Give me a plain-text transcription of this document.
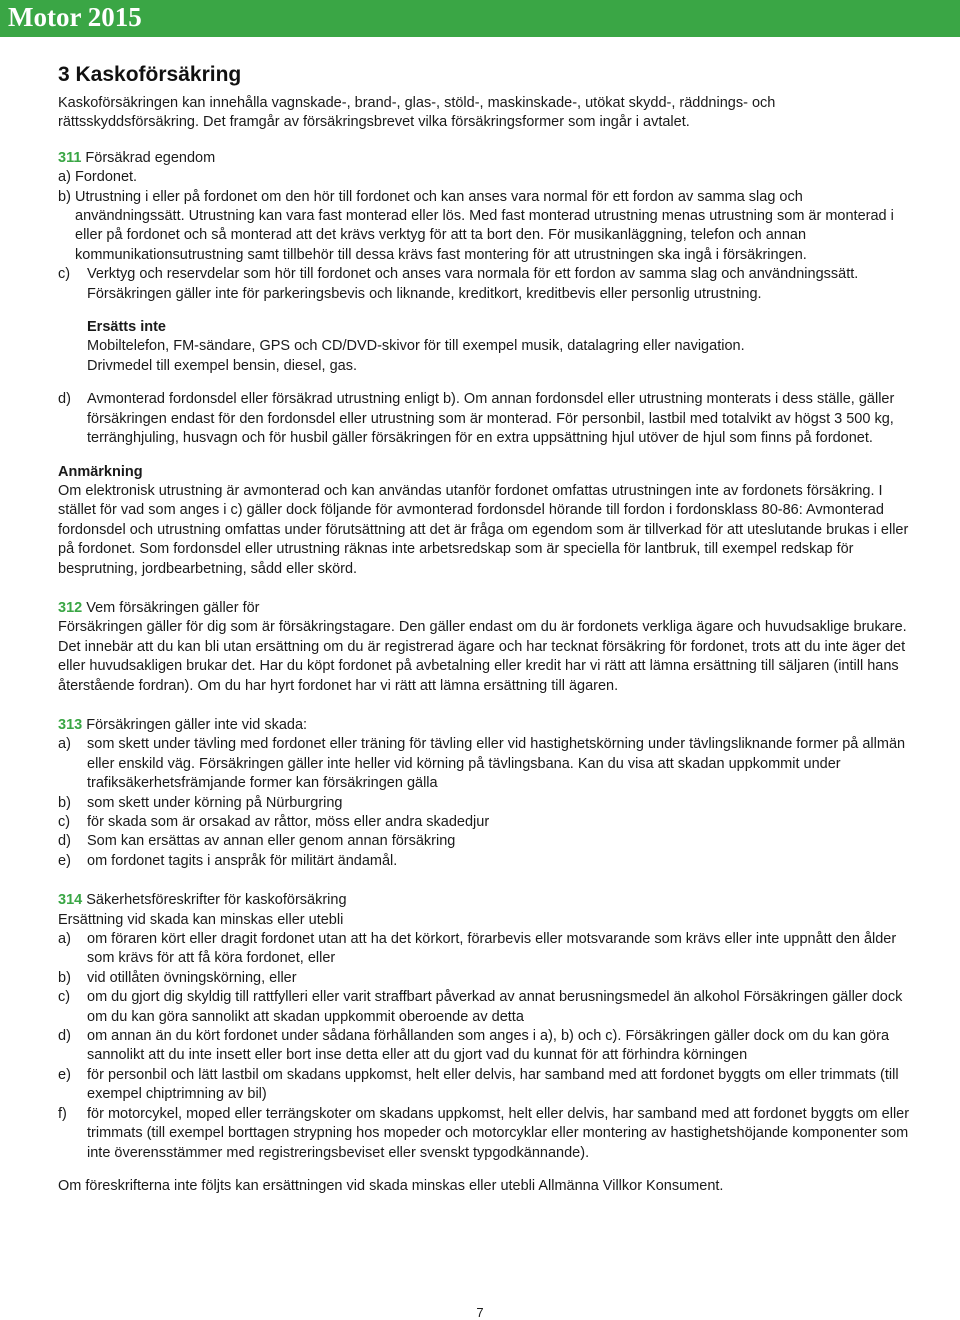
Motor 2015
3 Kaskoförsäkring

Kaskoförsäkringen kan innehålla vagnskade-, brand-, glas-, stöld-, maskinskade-, utökat skydd-, räddnings- och rättsskyddsförsäkring. Det framgår av försäkringsbrevet vilka försäkringsformer som ingår i avtalet.

311 Försäkrad egendom

a) Fordonet.
b) Utrustning i eller på fordonet om den hör till fordonet och kan anses vara normal för ett fordon av samma slag och användningssätt. Utrustning kan vara fast monterad eller lös. Med fast monterad utrustning menas utrustning som är monterad i eller på fordonet och så monterad att det krävs verktyg för att ta bort den. För musikanläggning, telefon och annan kommunikationsutrustning samt tillbehör till dessa krävs fast montering för att utrustningen ska ingå i försäkringen.
c)	Verktyg och reservdelar som hör till fordonet och anses vara normala för ett fordon av samma slag och användningssätt. Försäkringen gäller inte för parkeringsbevis och liknande, kreditkort, kreditbevis eller personlig utrustning.

Ersätts inte

Mobiltelefon, FM-sändare, GPS och CD/DVD-skivor för till exempel musik, datalagring eller navigation.

Drivmedel till exempel bensin, diesel, gas.

d)	Avmonterad fordonsdel eller försäkrad utrustning enligt b). Om annan fordonsdel eller utrustning monterats i dess ställe, gäller försäkringen endast för den fordonsdel eller utrustning som är monterad. För personbil, lastbil med totalvikt av högst 3 500 kg, terränghjuling, husvagn och för husbil gäller försäkringen för en extra uppsättning hjul utöver de hjul som finns på fordonet.

Anmärkning

Om elektronisk utrustning är avmonterad och kan användas utanför fordonet omfattas utrustningen inte av fordonets försäkring. I stället för vad som anges i c) gäller dock följande för avmonterad fordonsdel hörande till fordon i fordonsklass 80-86: Avmonterad fordonsdel och utrustning omfattas under förutsättning att det är fråga om egendom som är tillverkad för att uteslutande brukas i eller på fordonet. Som fordonsdel eller utrustning räknas inte arbetsredskap som är speciella för lantbruk, till exempel redskap för besprutning, jordbearbetning, sådd eller skörd.

312 Vem försäkringen gäller för

Försäkringen gäller för dig som är försäkringstagare. Den gäller endast om du är fordonets verkliga ägare och huvudsaklige brukare. Det innebär att du kan bli utan ersättning om du är registrerad ägare och har tecknat försäkring för fordonet, trots att du inte äger det eller huvudsakligen brukar det. Har du köpt fordonet på avbetalning eller kredit har vi rätt att lämna ersättning till säljaren (intill hans återstående fordran). Om du har hyrt fordonet har vi rätt att lämna ersättning till ägaren.

313 Försäkringen gäller inte vid skada:

a)	som skett under tävling med fordonet eller träning för tävling eller vid hastighetskörning under tävlingsliknande former på allmän eller enskild väg. Försäkringen gäller inte heller vid körning på tävlingsbana. Kan du visa att skadan uppkommit under trafiksäkerhetsfrämjande former kan försäkringen gälla
b)	som skett under körning på Nürburgring
c)	för skada som är orsakad av råttor, möss eller andra skadedjur
d)	Som kan ersättas av annan eller genom annan försäkring
e)	om fordonet tagits i anspråk för militärt ändamål.

314 Säkerhetsföreskrifter för kaskoförsäkring

Ersättning vid skada kan minskas eller utebli

a)	om föraren kört eller dragit fordonet utan att ha det körkort, förarbevis eller motsvarande som krävs eller inte uppnått den ålder som krävs för att få köra fordonet, eller
b)	vid otillåten övningskörning, eller
c)	om du gjort dig skyldig till rattfylleri eller varit straffbart påverkad av annat berusningsmedel än alkohol Försäkringen gäller dock om du kan göra sannolikt att skadan uppkommit oberoende av detta
d)	om annan än du kört fordonet under sådana förhållanden som anges i a), b) och c). Försäkringen gäller dock om du kan göra sannolikt att du inte insett eller bort inse detta eller att du gjort vad du kunnat för att förhindra körningen
e)	för personbil och lätt lastbil om skadans uppkomst, helt eller delvis, har samband med att fordonet byggts om eller trimmats (till exempel chiptrimning av bil)
f)	för motorcykel, moped eller terrängskoter om skadans uppkomst, helt eller delvis, har samband med att fordonet byggts om eller trimmats (till exempel borttagen strypning hos mopeder och motorcyklar eller montering av hastighetshöjande komponenter som inte överensstämmer med registreringsbeviset eller svenskt typgodkännande).

Om föreskrifterna inte följts kan ersättningen vid skada minskas eller utebli Allmänna Villkor Konsument.

7
